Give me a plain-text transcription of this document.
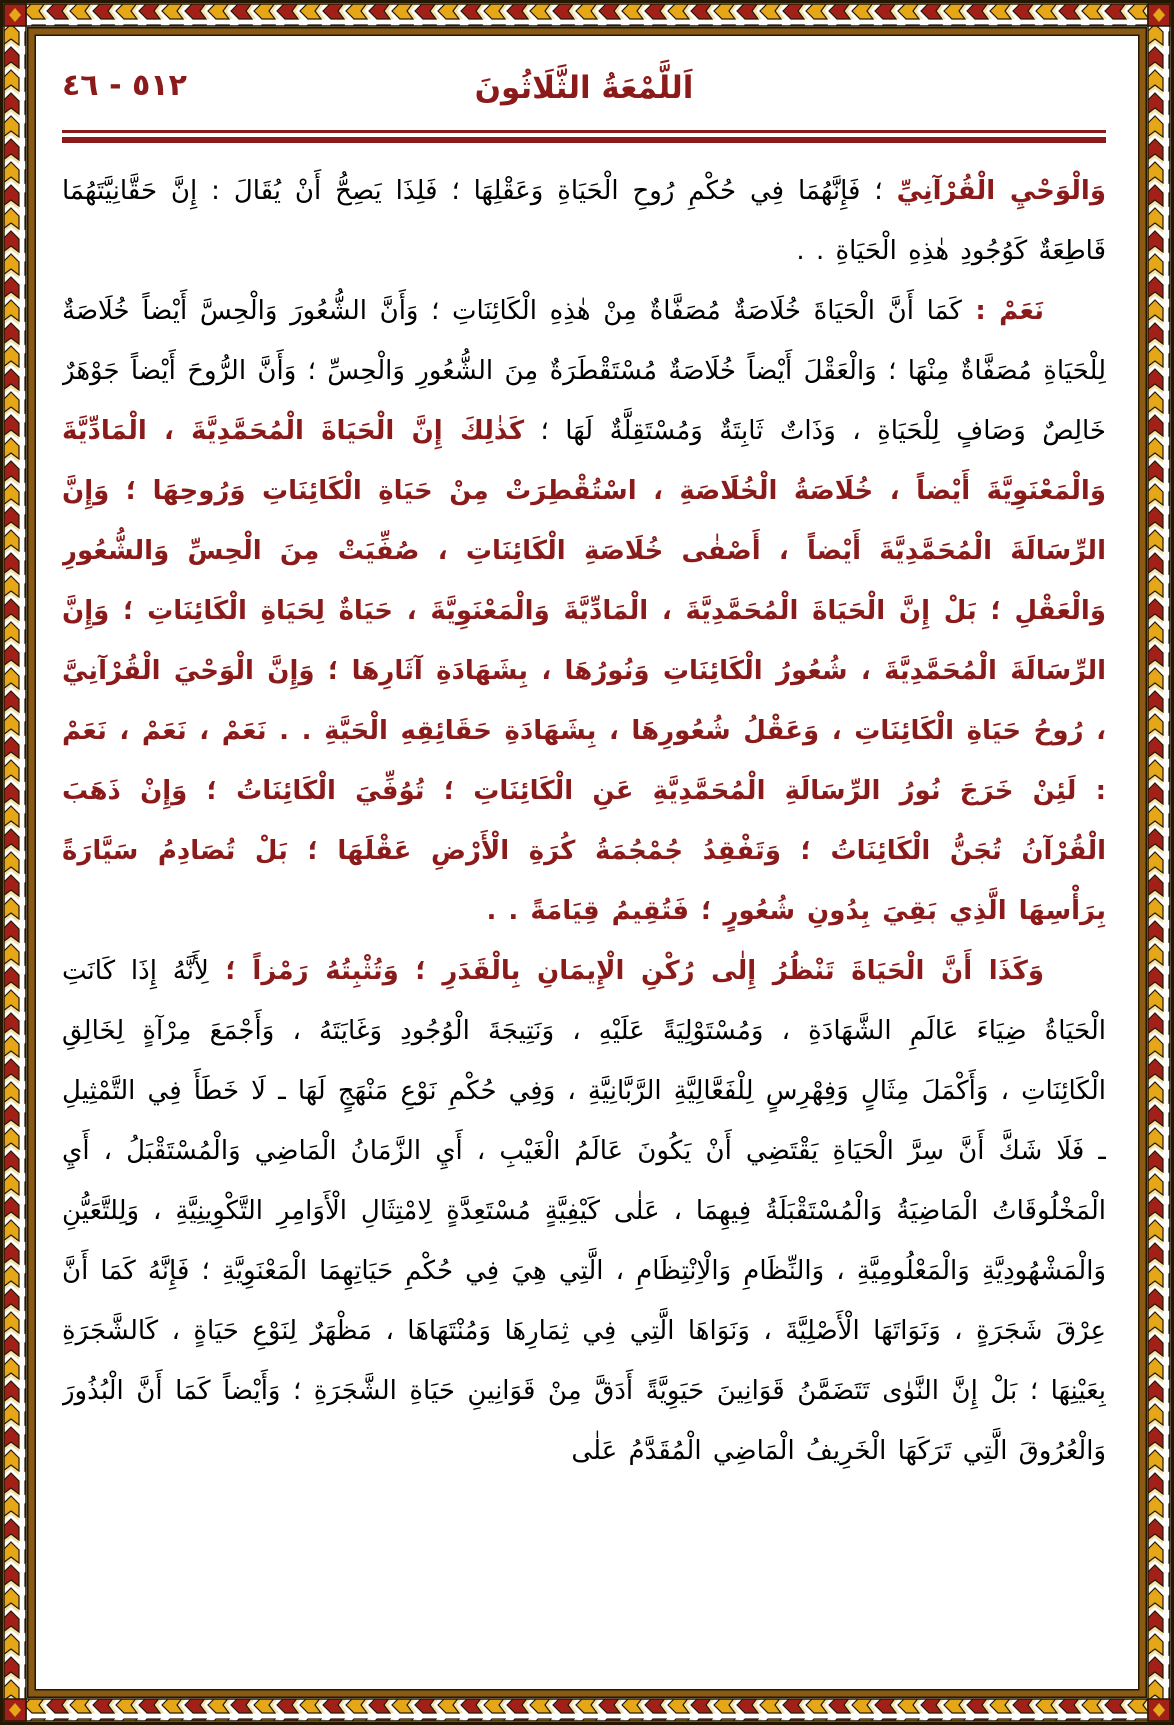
اَللَّمْعَةُ الثَّلَاثُونَ
٥١٢ - ٤٦

وَالْوَحْيِ الْقُرْآنِيِّ ؛ فَإِنَّهُمَا فِي حُكْمِ رُوحِ الْحَيَاةِ وَعَقْلِهَا ؛ فَلِذَا يَصِحُّ أَنْ يُقَالَ : إِنَّ حَقَّانِيَّتَهُمَا قَاطِعَةٌ كَوُجُودِ هٰذِهِ الْحَيَاةِ . .

نَعَمْ : كَمَا أَنَّ الْحَيَاةَ خُلَاصَةٌ مُصَفَّاةٌ مِنْ هٰذِهِ الْكَائِنَاتِ ؛ وَأَنَّ الشُّعُورَ وَالْحِسَّ أَيْضاً خُلَاصَةٌ لِلْحَيَاةِ مُصَفَّاةٌ مِنْهَا ؛ وَالْعَقْلَ أَيْضاً خُلَاصَةٌ مُسْتَقْطَرَةٌ مِنَ الشُّعُورِ وَالْحِسِّ ؛ وَأَنَّ الرُّوحَ أَيْضاً جَوْهَرٌ خَالِصٌ وَصَافٍ لِلْحَيَاةِ ، وَذَاتٌ ثَابِتَةٌ وَمُسْتَقِلَّةٌ لَهَا ؛ كَذٰلِكَ إِنَّ الْحَيَاةَ الْمُحَمَّدِيَّةَ ، الْمَادِّيَّةَ وَالْمَعْنَوِيَّةَ أَيْضاً ، خُلَاصَةُ الْخُلَاصَةِ ، اسْتُقْطِرَتْ مِنْ حَيَاةِ الْكَائِنَاتِ وَرُوحِهَا ؛ وَإِنَّ الرِّسَالَةَ الْمُحَمَّدِيَّةَ أَيْضاً ، أَصْفٰى خُلَاصَةِ الْكَائِنَاتِ ، صُفِّيَتْ مِنَ الْحِسِّ وَالشُّعُورِ وَالْعَقْلِ ؛ بَلْ إِنَّ الْحَيَاةَ الْمُحَمَّدِيَّةَ ، الْمَادِّيَّةَ وَالْمَعْنَوِيَّةَ ، حَيَاةٌ لِحَيَاةِ الْكَائِنَاتِ ؛ وَإِنَّ الرِّسَالَةَ الْمُحَمَّدِيَّةَ ، شُعُورُ الْكَائِنَاتِ وَنُورُهَا ، بِشَهَادَةِ آثَارِهَا ؛ وَإِنَّ الْوَحْيَ الْقُرْآنِيَّ ، رُوحُ حَيَاةِ الْكَائِنَاتِ ، وَعَقْلُ شُعُورِهَا ، بِشَهَادَةِ حَقَائِقِهِ الْحَيَّةِ . . نَعَمْ ، نَعَمْ ، نَعَمْ : لَئِنْ خَرَجَ نُورُ الرِّسَالَةِ الْمُحَمَّدِيَّةِ عَنِ الْكَائِنَاتِ ؛ تُوُفِّيَ الْكَائِنَاتُ ؛ وَإِنْ ذَهَبَ الْقُرْآنُ تُجَنُّ الْكَائِنَاتُ ؛ وَتَفْقِدُ جُمْجُمَةُ كُرَةِ الْأَرْضِ عَقْلَهَا ؛ بَلْ تُصَادِمُ سَيَّارَةً بِرَأْسِهَا الَّذِي بَقِيَ بِدُونِ شُعُورٍ ؛ فَتُقِيمُ قِيَامَةً . .

وَكَذَا أَنَّ الْحَيَاةَ تَنْظُرُ إِلٰى رُكْنِ الْإِيمَانِ بِالْقَدَرِ ؛ وَتُثْبِتُهُ رَمْزاً ؛ لِأَنَّهُ إِذَا كَانَتِ الْحَيَاةُ ضِيَاءَ عَالَمِ الشَّهَادَةِ ، وَمُسْتَوْلِيَةً عَلَيْهِ ، وَنَتِيجَةَ الْوُجُودِ وَغَايَتَهُ ، وَأَجْمَعَ مِرْآةٍ لِخَالِقِ الْكَائِنَاتِ ، وَأَكْمَلَ مِثَالٍ وَفِهْرِسٍ لِلْفَعَّالِيَّةِ الرَّبَّانِيَّةِ ، وَفِي حُكْمِ نَوْعِ مَنْهَجٍ لَهَا ـ لَا خَطَأَ فِي التَّمْثِيلِ ـ فَلَا شَكَّ أَنَّ سِرَّ الْحَيَاةِ يَقْتَضِي أَنْ يَكُونَ عَالَمُ الْغَيْبِ ، أَيِ الزَّمَانُ الْمَاضِي وَالْمُسْتَقْبَلُ ، أَيِ الْمَخْلُوقَاتُ الْمَاضِيَةُ وَالْمُسْتَقْبَلَةُ فِيهِمَا ، عَلٰى كَيْفِيَّةٍ مُسْتَعِدَّةٍ لِامْتِثَالِ الْأَوَامِرِ التَّكْوِينِيَّةِ ، وَلِلتَّعَيُّنِ وَالْمَشْهُودِيَّةِ وَالْمَعْلُومِيَّةِ ، وَالنِّظَامِ وَالْاِنْتِظَامِ ، الَّتِي هِيَ فِي حُكْمِ حَيَاتِهِمَا الْمَعْنَوِيَّةِ ؛ فَإِنَّهُ كَمَا أَنَّ عِرْقَ شَجَرَةٍ ، وَنَوَاتَهَا الْأَصْلِيَّةَ ، وَنَوَاهَا الَّتِي فِي ثِمَارِهَا وَمُنْتَهَاهَا ، مَظْهَرٌ لِنَوْعِ حَيَاةٍ ، كَالشَّجَرَةِ بِعَيْنِهَا ؛ بَلْ إِنَّ النَّوٰى تَتَضَمَّنُ قَوَانِينَ حَيَوِيَّةً أَدَقَّ مِنْ قَوَانِينِ حَيَاةِ الشَّجَرَةِ ؛ وَأَيْضاً كَمَا أَنَّ الْبُذُورَ وَالْعُرُوقَ الَّتِي تَرَكَهَا الْخَرِيفُ الْمَاضِي الْمُقَدَّمُ عَلٰى
